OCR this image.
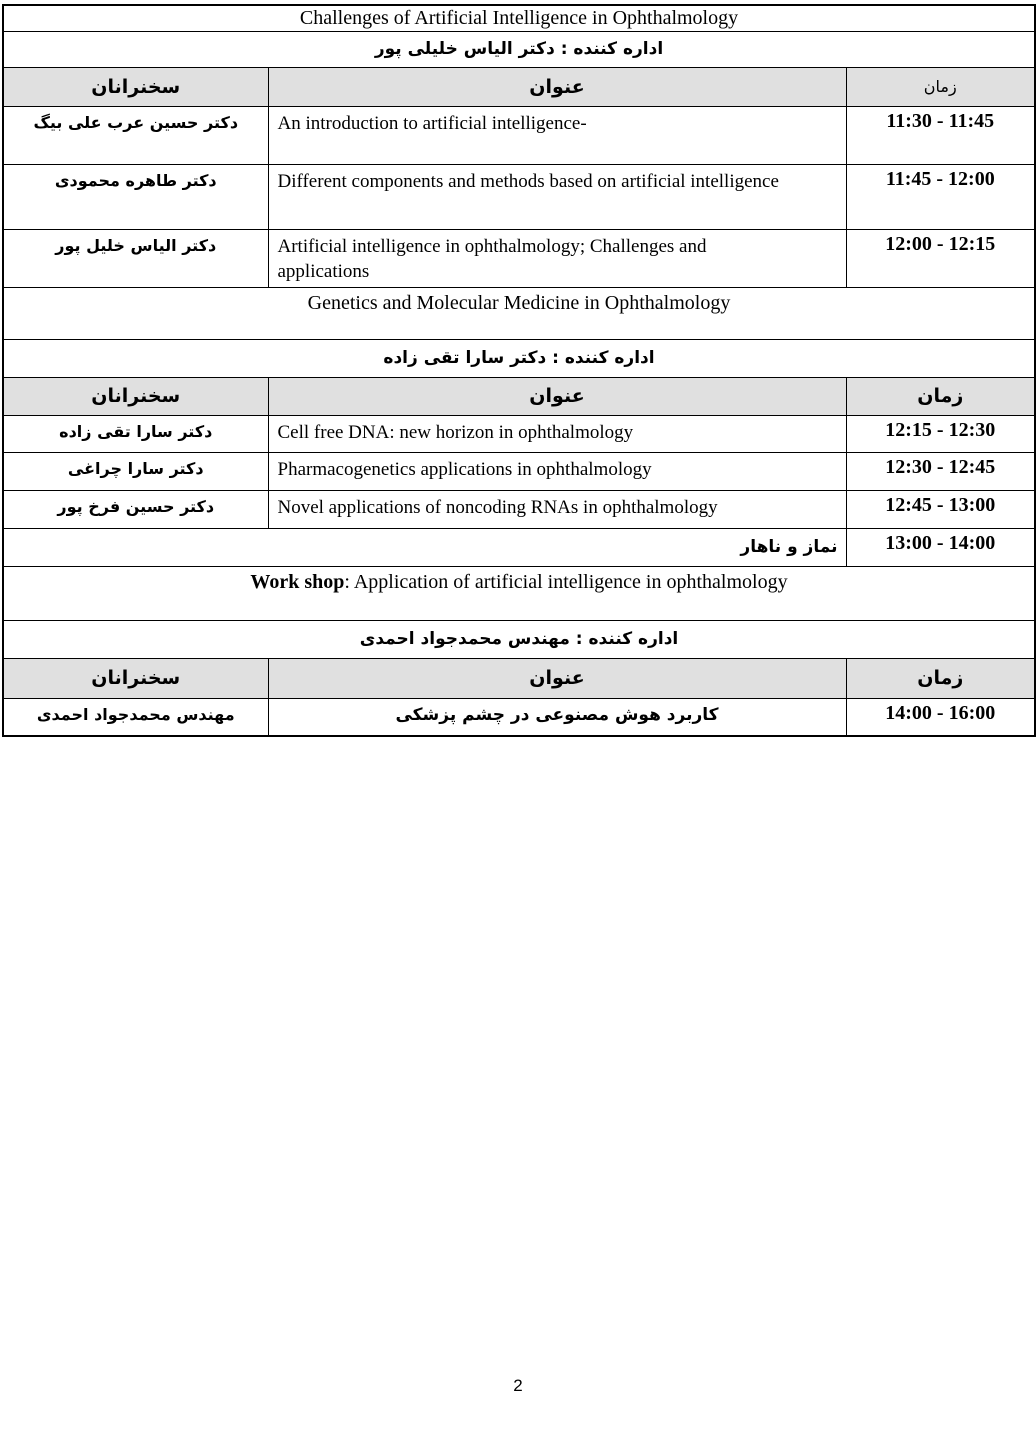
Challenges of Artificial Intelligence in Ophthalmology		
اداره کننده : دکتر الیاس خلیلی پور		
سخنرانان	عنوان	زمان
دکتر حسین عرب علی بیگ	An introduction to artificial intelligence-	11:30 - 11:45
دکتر طاهره محمودی	Different components and methods based on artificial intelligence	11:45 - 12:00
دکتر الیاس خلیل پور	Artificial intelligence in ophthalmology; Challenges and applications	12:00 - 12:15
Genetics and Molecular Medicine in Ophthalmology		
اداره کننده : دکتر سارا تقی زاده		
سخنرانان	عنوان	زمان
دکتر سارا تقی زاده	Cell free DNA: new horizon in ophthalmology	12:15 - 12:30
دکتر سارا چراغی	Pharmacogenetics applications in ophthalmology	12:30 - 12:45
دکتر حسین فرخ پور	Novel applications of noncoding RNAs in ophthalmology	12:45 - 13:00
نماز و ناهار		13:00 - 14:00
Work shop: Application of artificial intelligence in ophthalmology		
اداره کننده : مهندس محمدجواد احمدی		
سخنرانان	عنوان	زمان
مهندس محمدجواد احمدی	کاربرد هوش مصنوعی در چشم پزشکی	14:00 - 16:00
2
